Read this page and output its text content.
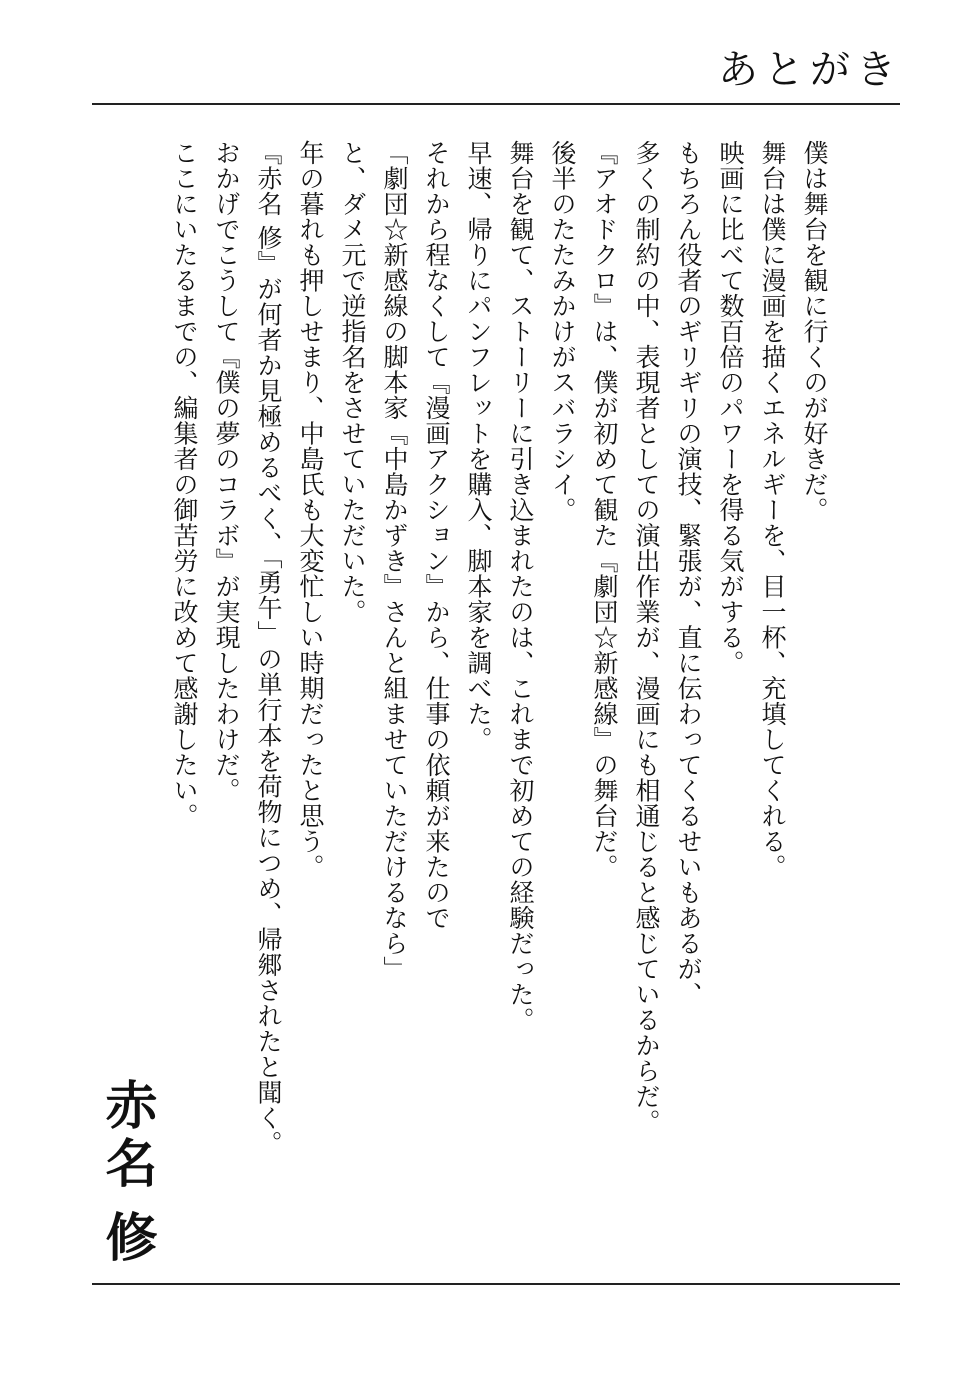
あとがき

僕は舞台を観に行くのが好きだ。

舞台は僕に漫画を描くエネルギーを、目一杯、充填してくれる。

映画に比べて数百倍のパワーを得る気がする。

もちろん役者のギリギリの演技、緊張が、直に伝わってくるせいもあるが、

多くの制約の中、表現者としての演出作業が、漫画にも相通じると感じているからだ。

『アオドクロ』は、僕が初めて観た『劇団☆新感線』の舞台だ。

後半のたたみかけがスバラシイ。

舞台を観て、ストーリーに引き込まれたのは、これまで初めての経験だった。

早速、帰りにパンフレットを購入、脚本家を調べた。

それから程なくして『漫画アクション』から、仕事の依頼が来たので

「劇団☆新感線の脚本家『中島かずき』さんと組ませていただけるなら」

と、ダメ元で逆指名をさせていただいた。

年の暮れも押しせまり、中島氏も大変忙しい時期だったと思う。

『赤名 修』が何者か見極めるべく、「勇午」の単行本を荷物につめ、帰郷されたと聞く。

おかげでこうして『僕の夢のコラボ』が実現したわけだ。

ここにいたるまでの、編集者の御苦労に改めて感謝したい。

赤名修
